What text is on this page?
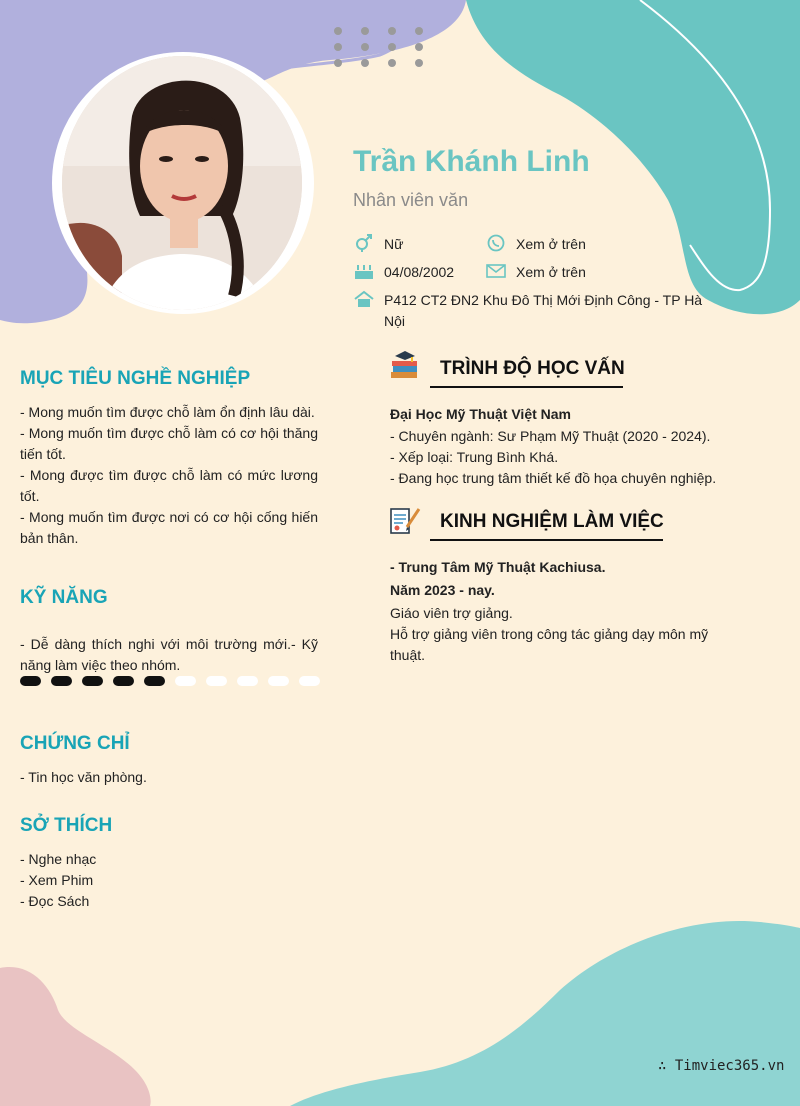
Trần Khánh Linh
Nhân viên văn
Nữ	Xem ở trên
04/08/2002	Xem ở trên
P412 CT2 ĐN2 Khu Đô Thị Mới Định Công - TP Hà Nội
MỤC TIÊU NGHỀ NGHIỆP
- Mong muốn tìm được chỗ làm ổn định lâu dài.
- Mong muốn tìm được chỗ làm có cơ hội thăng tiến tốt.
- Mong được tìm được chỗ làm có mức lương tốt.
- Mong muốn tìm được nơi có cơ hội cống hiến bản thân.
KỸ NĂNG
- Dễ dàng thích nghi với môi trường mới.- Kỹ năng làm việc theo nhóm.
CHỨNG CHỈ
- Tin học văn phòng.
SỞ THÍCH
- Nghe nhạc
- Xem Phim
- Đọc Sách
TRÌNH ĐỘ HỌC VẤN
Đại Học Mỹ Thuật Việt Nam
- Chuyên ngành: Sư Phạm Mỹ Thuật (2020 - 2024).
- Xếp loại: Trung Bình Khá.
- Đang học trung tâm thiết kế đồ họa chuyên nghiệp.
KINH NGHIỆM LÀM VIỆC
- Trung Tâm Mỹ Thuật Kachiusa.
Năm 2023 - nay.
Giáo viên trợ giảng.
Hỗ trợ giảng viên trong công tác giảng dạy môn mỹ thuật.
∴ Timviec365.vn
